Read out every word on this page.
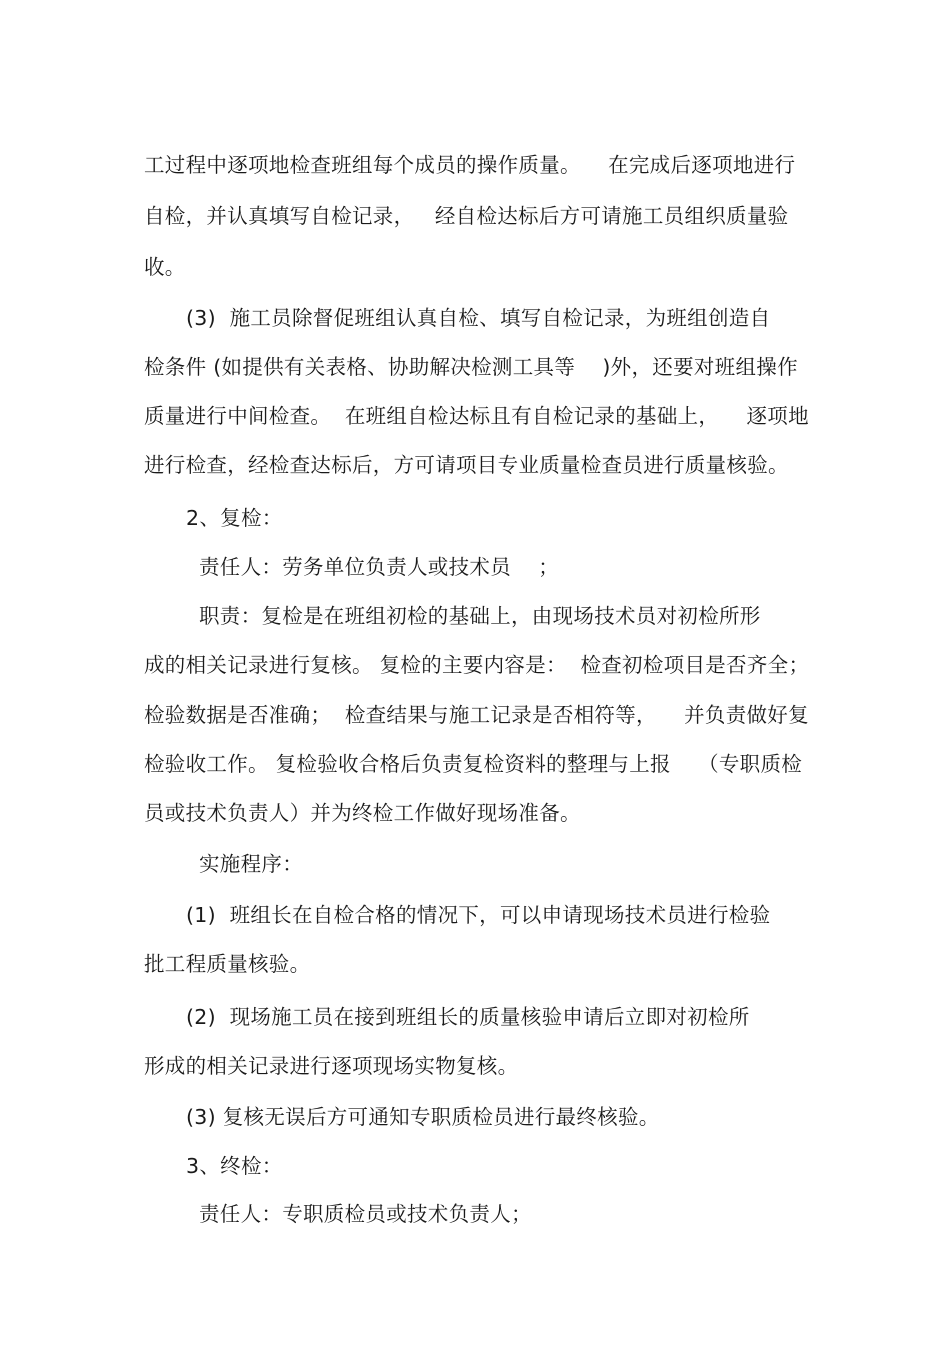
工过程中逐项地检查班组每个成员的操作质量。    在完成后逐项地进行
自检，并认真填写自检记录，   经自检达标后方可请施工员组织质量验
收。
(3)  施工员除督促班组认真自检、填写自检记录，为班组创造自
检条件 (如提供有关表格、协助解决检测工具等    )外，还要对班组操作
质量进行中间检查。  在班组自检达标且有自检记录的基础上，    逐项地
进行检查，经检查达标后，方可请项目专业质量检查员进行质量核验。
2、复检：
责任人：劳务单位负责人或技术员    ；
职责：复检是在班组初检的基础上，由现场技术员对初检所形
成的相关记录进行复核。 复检的主要内容是：  检查初检项目是否齐全；
检验数据是否准确；  检查结果与施工记录是否相符等，    并负责做好复
检验收工作。 复检验收合格后负责复检资料的整理与上报    （专职质检
员或技术负责人）并为终检工作做好现场准备。
实施程序：
(1)  班组长在自检合格的情况下，可以申请现场技术员进行检验
批工程质量核验。
(2)  现场施工员在接到班组长的质量核验申请后立即对初检所
形成的相关记录进行逐项现场实物复核。
(3) 复核无误后方可通知专职质检员进行最终核验。
3、终检：
责任人：专职质检员或技术负责人；
